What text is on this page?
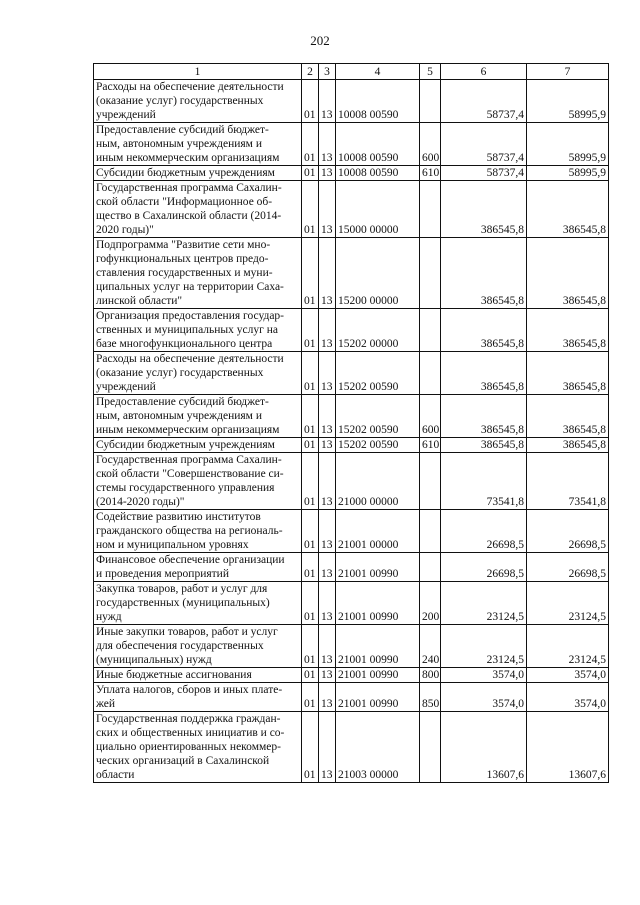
202
1	2	3	4	5	6	7
Расходы на обеспечение деятельности
(оказание услуг) государственных
учреждений	01	13	10008 00590		58737,4	58995,9
Предоставление субсидий бюджет-
ным, автономным учреждениям и
иным некоммерческим организациям	01	13	10008 00590	600	58737,4	58995,9
Субсидии бюджетным учреждениям	01	13	10008 00590	610	58737,4	58995,9
Государственная программа Сахалин-
ской области "Информационное об-
щество в Сахалинской области (2014-
2020 годы)"	01	13	15000 00000		386545,8	386545,8
Подпрограмма "Развитие сети мно-
гофункциональных центров предо-
ставления государственных и муни-
ципальных услуг на территории Саха-
линской области"	01	13	15200 00000		386545,8	386545,8
Организация предоставления государ-
ственных и муниципальных услуг на
базе многофункционального центра	01	13	15202 00000		386545,8	386545,8
Расходы на обеспечение деятельности
(оказание услуг) государственных
учреждений	01	13	15202 00590		386545,8	386545,8
Предоставление субсидий бюджет-
ным, автономным учреждениям и
иным некоммерческим организациям	01	13	15202 00590	600	386545,8	386545,8
Субсидии бюджетным учреждениям	01	13	15202 00590	610	386545,8	386545,8
Государственная программа Сахалин-
ской области "Совершенствование си-
стемы государственного управления
(2014-2020 годы)"	01	13	21000 00000		73541,8	73541,8
Содействие развитию институтов
гражданского общества на региональ-
ном и муниципальном уровнях	01	13	21001 00000		26698,5	26698,5
Финансовое обеспечение организации
и проведения мероприятий	01	13	21001 00990		26698,5	26698,5
Закупка товаров, работ и услуг для
государственных (муниципальных)
нужд	01	13	21001 00990	200	23124,5	23124,5
Иные закупки товаров, работ и услуг
для обеспечения государственных
(муниципальных) нужд	01	13	21001 00990	240	23124,5	23124,5
Иные бюджетные ассигнования	01	13	21001 00990	800	3574,0	3574,0
Уплата налогов, сборов и иных плате-
жей	01	13	21001 00990	850	3574,0	3574,0
Государственная поддержка граждан-
ских и общественных инициатив и со-
циально ориентированных некоммер-
ческих организаций в Сахалинской
области	01	13	21003 00000		13607,6	13607,6
